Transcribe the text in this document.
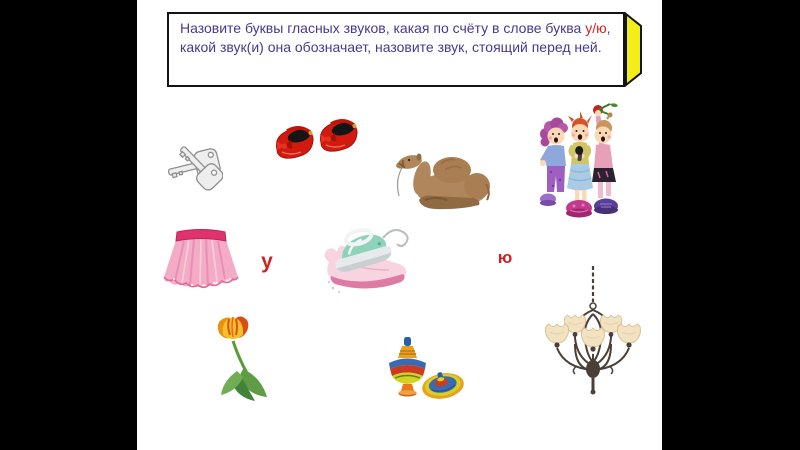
Назовите буквы гласных звуков, какая по счёту в слове буква у/ю, какой звук(и) она обозначает, назовите звук, стоящий перед ней.
у	ю
